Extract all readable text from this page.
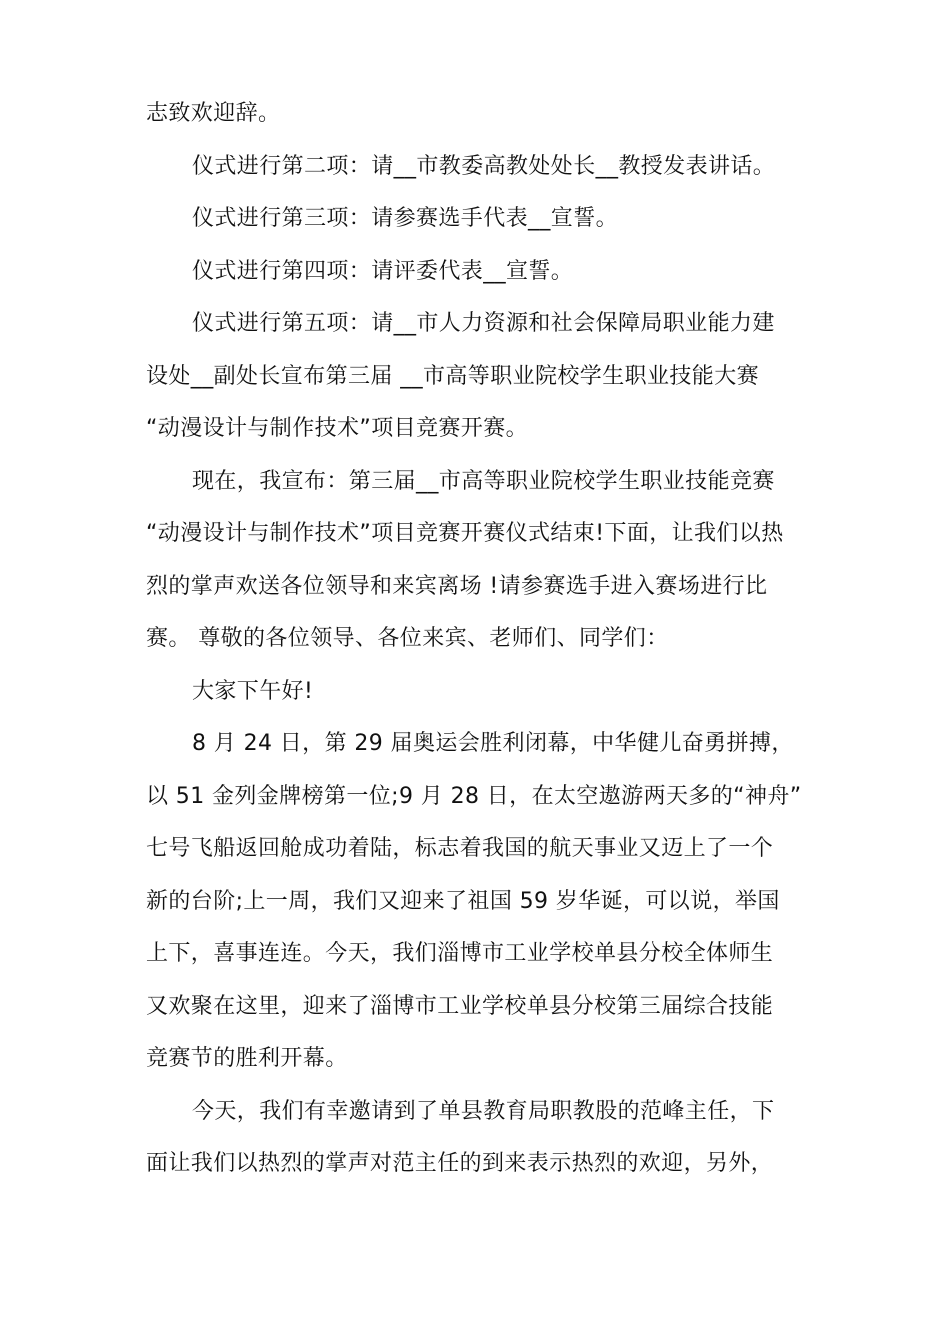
志致欢迎辞。
仪式进行第二项：请__市教委高教处处长__教授发表讲话。
仪式进行第三项：请参赛选手代表__宣誓。
仪式进行第四项：请评委代表__宣誓。
仪式进行第五项：请__市人力资源和社会保障局职业能力建
设处__副处长宣布第三届 __市高等职业院校学生职业技能大赛
“动漫设计与制作技术”项目竞赛开赛。
现在，我宣布：第三届__市高等职业院校学生职业技能竞赛
“动漫设计与制作技术”项目竞赛开赛仪式结束!下面，让我们以热
烈的掌声欢送各位领导和来宾离场 !请参赛选手进入赛场进行比
赛。 尊敬的各位领导、各位来宾、老师们、同学们：
大家下午好!
8 月 24 日，第 29 届奥运会胜利闭幕，中华健儿奋勇拼搏，
以 51 金列金牌榜第一位;9 月 28 日，在太空遨游两天多的“神舟”
七号飞船返回舱成功着陆，标志着我国的航天事业又迈上了一个
新的台阶;上一周，我们又迎来了祖国 59 岁华诞，可以说，举国
上下，喜事连连。今天，我们淄博市工业学校单县分校全体师生
又欢聚在这里，迎来了淄博市工业学校单县分校第三届综合技能
竞赛节的胜利开幕。
今天，我们有幸邀请到了单县教育局职教股的范峰主任，下
面让我们以热烈的掌声对范主任的到来表示热烈的欢迎，另外，
